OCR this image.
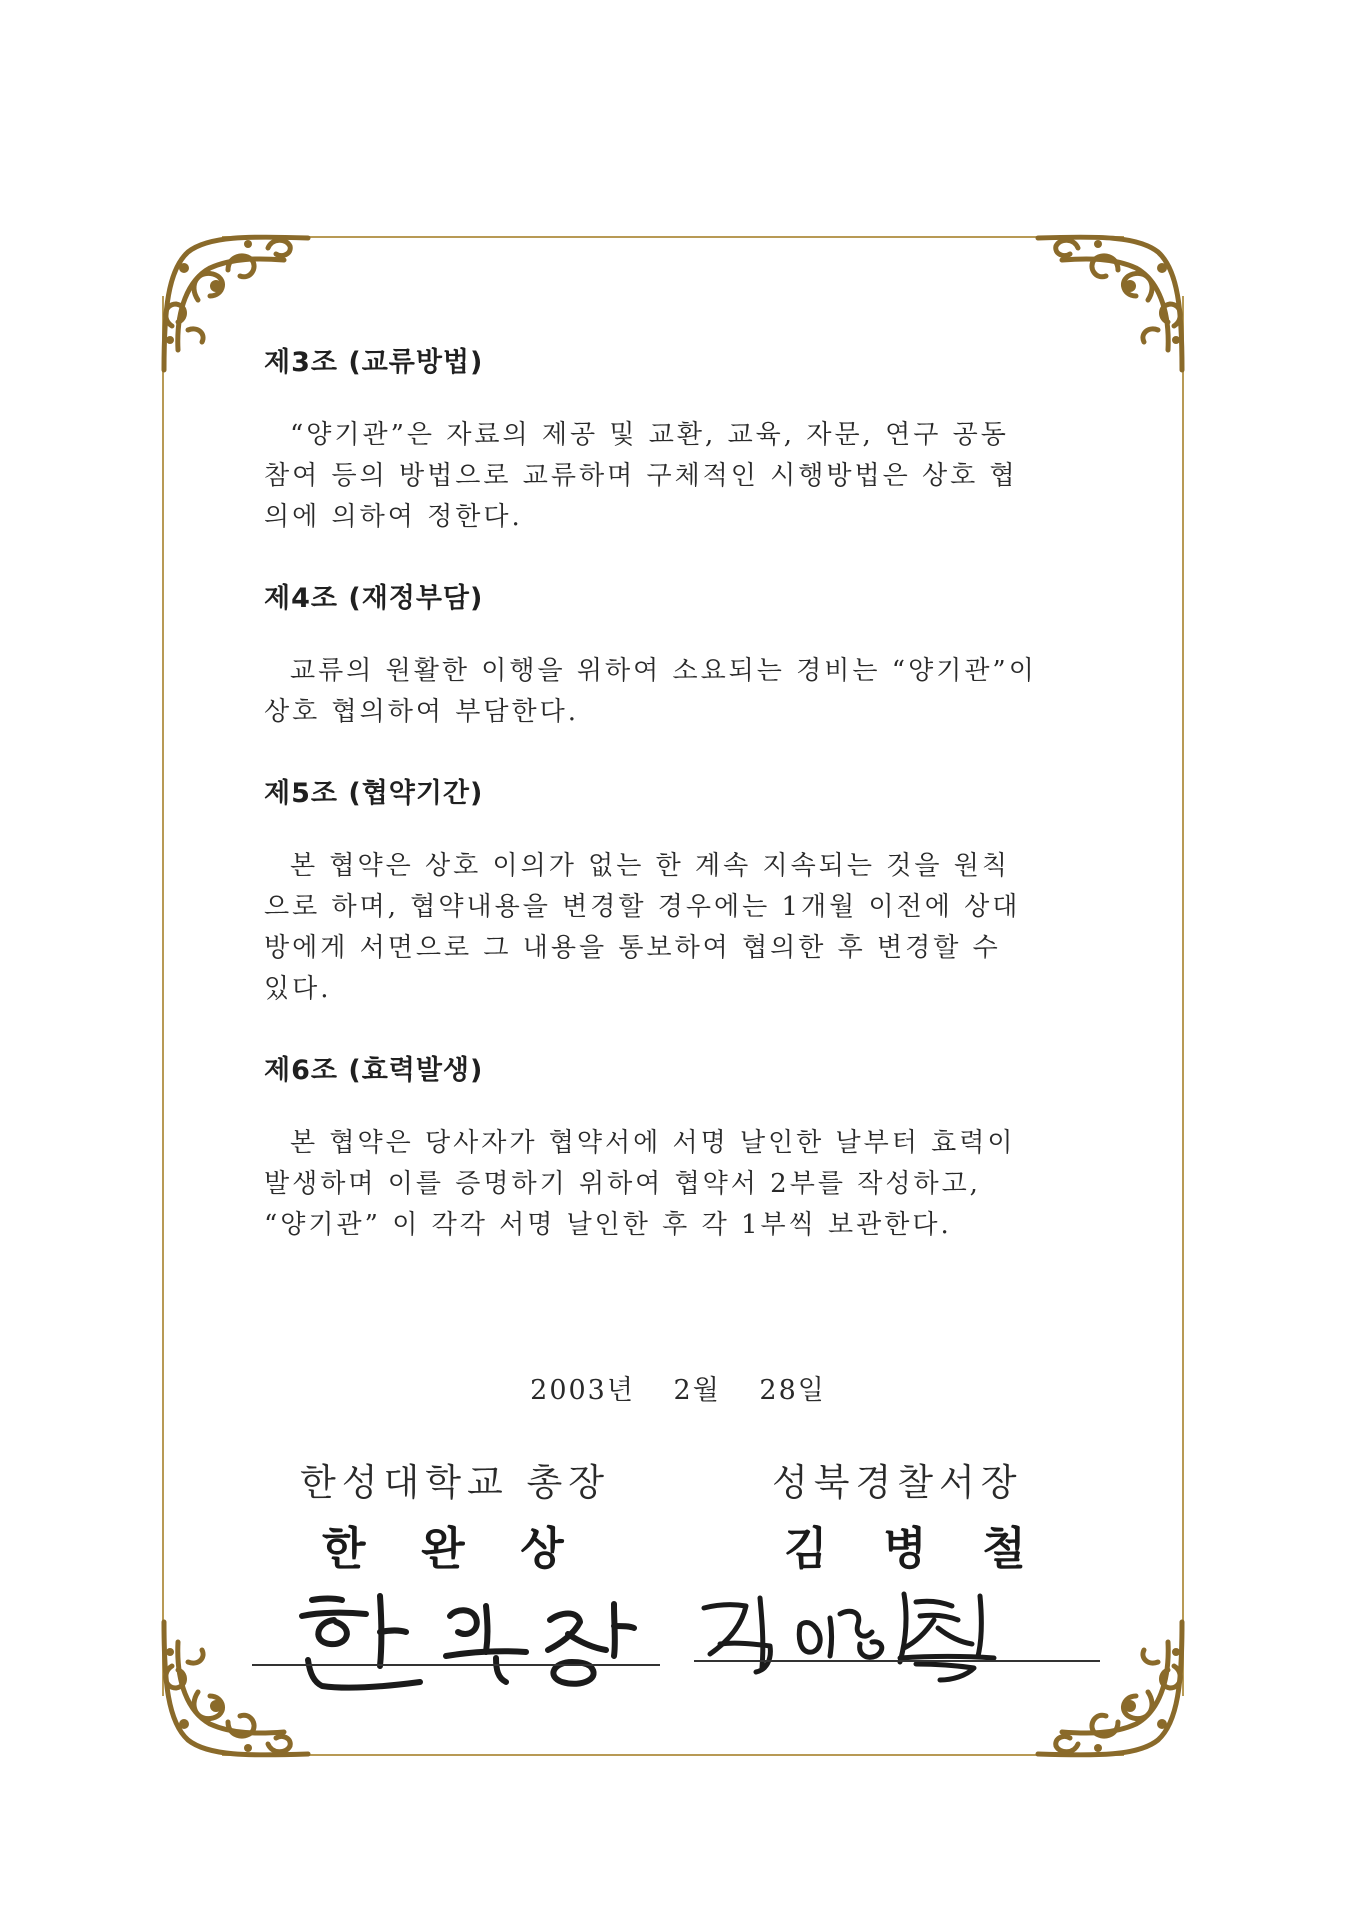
제3조 (교류방법)

“양기관”은 자료의 제공 및 교환, 교육, 자문, 연구 공동
참여 등의 방법으로 교류하며 구체적인 시행방법은 상호 협
의에 의하여 정한다.

제4조 (재정부담)

교류의 원활한 이행을 위하여 소요되는 경비는 “양기관”이
상호 협의하여 부담한다.

제5조 (협약기간)

본 협약은 상호 이의가 없는 한 계속 지속되는 것을 원칙
으로 하며, 협약내용을 변경할 경우에는 1개월 이전에 상대
방에게 서면으로 그 내용을 통보하여 협의한 후 변경할 수
있다.

제6조 (효력발생)

본 협약은 당사자가 협약서에 서명 날인한 날부터 효력이
발생하며 이를 증명하기 위하여 협약서 2부를 작성하고,
“양기관” 이 각각 서명 날인한 후 각 1부씩 보관한다.

2003년 2월 28일
한성대학교 총장	성북경찰서장
한 완 상	김 병 철
